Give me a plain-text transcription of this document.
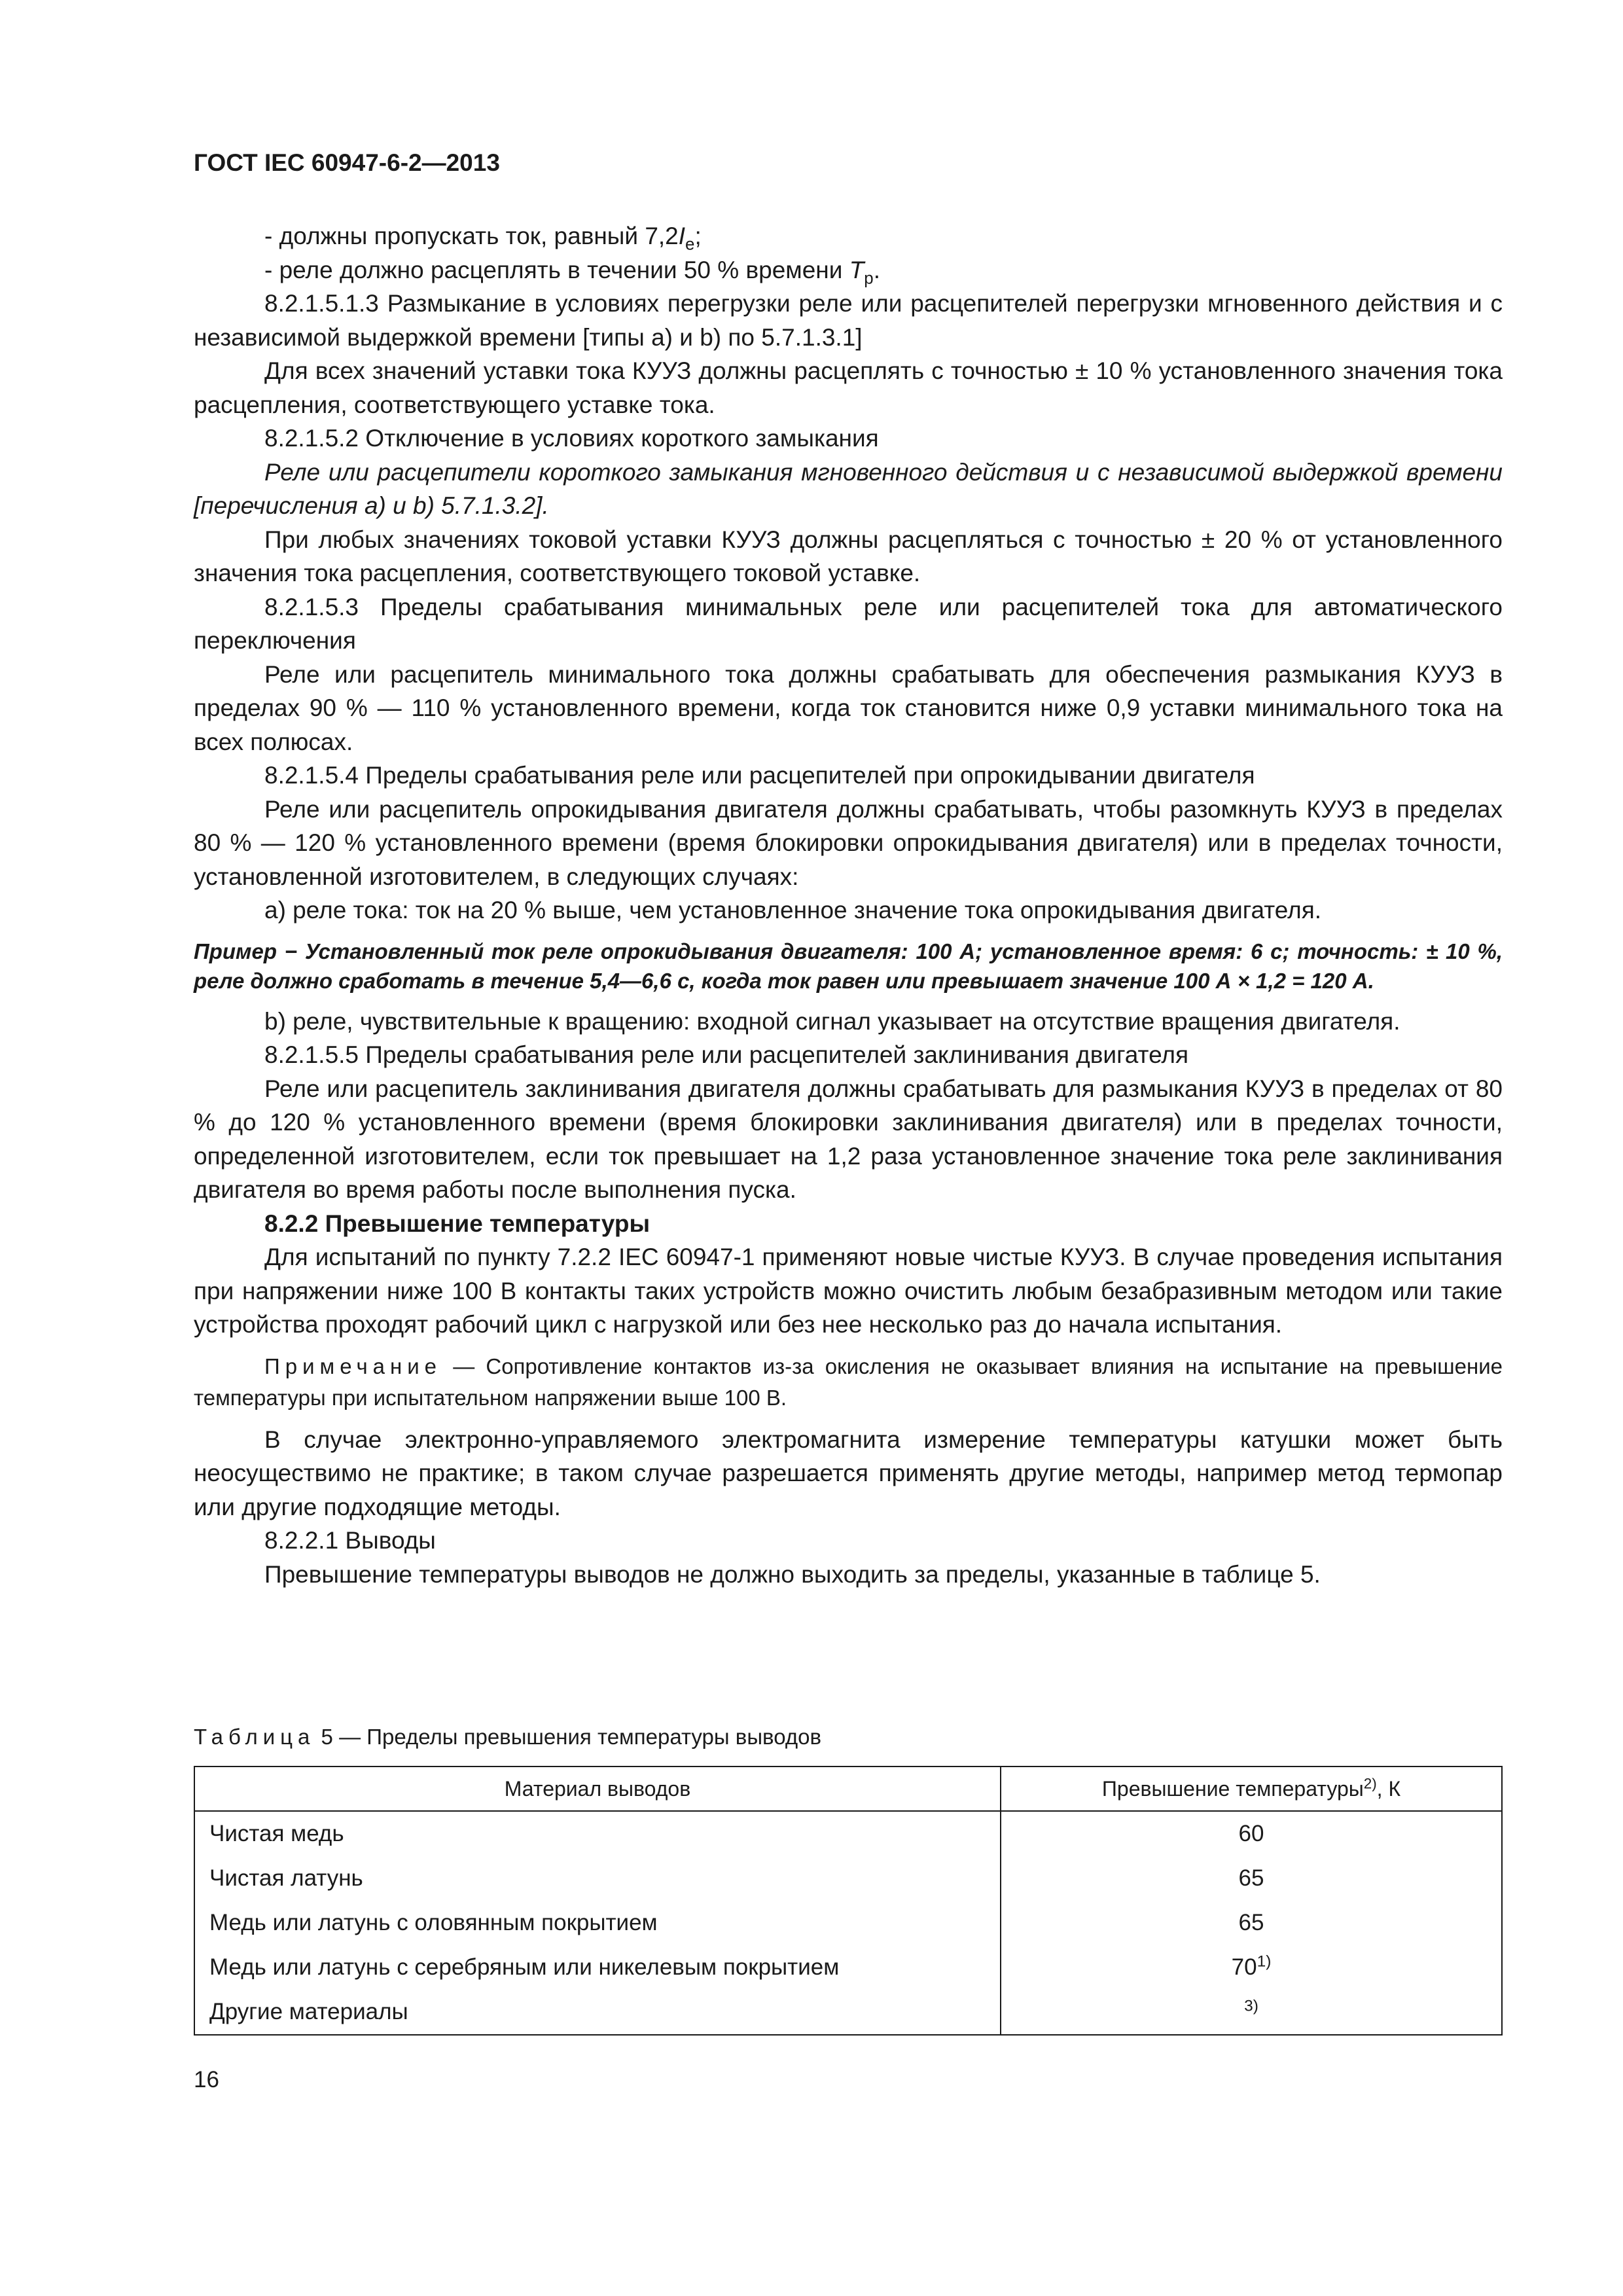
ГОСТ IEC 60947-6-2—2013

- должны пропускать ток, равный $7,2I_e$;

- реле должно расцеплять в течении 50 % времени $T_p$.

8.2.1.5.1.3 Размыкание в условиях перегрузки реле или расцепителей перегрузки мгновенного действия и с независимой выдержкой времени [типы a) и b) по 5.7.1.3.1]

Для всех значений уставки тока КУУЗ должны расцеплять с точностью ± 10 % установленного значения тока расцепления, соответствующего уставке тока.

8.2.1.5.2 Отключение в условиях короткого замыкания

Реле или расцепители короткого замыкания мгновенного действия и с независимой выдержкой времени [перечисления а) и b) 5.7.1.3.2].

При любых значениях токовой уставки КУУЗ должны расцепляться с точностью ± 20 % от установленного значения тока расцепления, соответствующего токовой уставке.

8.2.1.5.3 Пределы срабатывания минимальных реле или расцепителей тока для автоматического переключения

Реле или расцепитель минимального тока должны срабатывать для обеспечения размыкания КУУЗ в пределах 90 % — 110 % установленного времени, когда ток становится ниже 0,9 уставки минимального тока на всех полюсах.

8.2.1.5.4 Пределы срабатывания реле или расцепителей при опрокидывании двигателя

Реле или расцепитель опрокидывания двигателя должны срабатывать, чтобы разомкнуть КУУЗ в пределах 80 % — 120 % установленного времени (время блокировки опрокидывания двигателя) или в пределах точности, установленной изготовителем, в следующих случаях:

а) реле тока: ток на 20 % выше, чем установленное значение тока опрокидывания двигателя.

Пример − Установленный ток реле опрокидывания двигателя: 100 А; установленное время: 6 с; точность: ± 10 %, реле должно сработать в течение 5,4—6,6 с, когда ток равен или превышает значение 100 А × 1,2 = 120 А.

b) реле, чувствительные к вращению: входной сигнал указывает на отсутствие вращения двигателя.

8.2.1.5.5 Пределы срабатывания реле или расцепителей заклинивания двигателя

Реле или расцепитель заклинивания двигателя должны срабатывать для размыкания КУУЗ в пределах от 80 % до 120 % установленного времени (время блокировки заклинивания двигателя) или в пределах точности, определенной изготовителем, если ток превышает на 1,2 раза установленное значение тока реле заклинивания двигателя во время работы после выполнения пуска.

8.2.2 Превышение температуры

Для испытаний по пункту 7.2.2 IEC 60947-1 применяют новые чистые КУУЗ. В случае проведения испытания при напряжении ниже 100 В контакты таких устройств можно очистить любым безабразивным методом или такие устройства проходят рабочий цикл с нагрузкой или без нее несколько раз до начала испытания.

Примечание — Сопротивление контактов из-за окисления не оказывает влияния на испытание на превышение температуры при испытательном напряжении выше 100 В.

В случае электронно-управляемого электромагнита измерение температуры катушки может быть неосуществимо не практике; в таком случае разрешается применять другие методы, например метод термопар или другие подходящие методы.

8.2.2.1 Выводы

Превышение температуры выводов не должно выходить за пределы, указанные в таблице 5.

Таблица 5 — Пределы превышения температуры выводов
Материал выводов	Превышение температуры$^{2)}$, К
Чистая медь	60
Чистая латунь	65
Медь или латунь с оловянным покрытием	65
Медь или латунь с серебряным или никелевым покрытием	70$^{1)}$
Другие материалы	$^{3)}$
16
